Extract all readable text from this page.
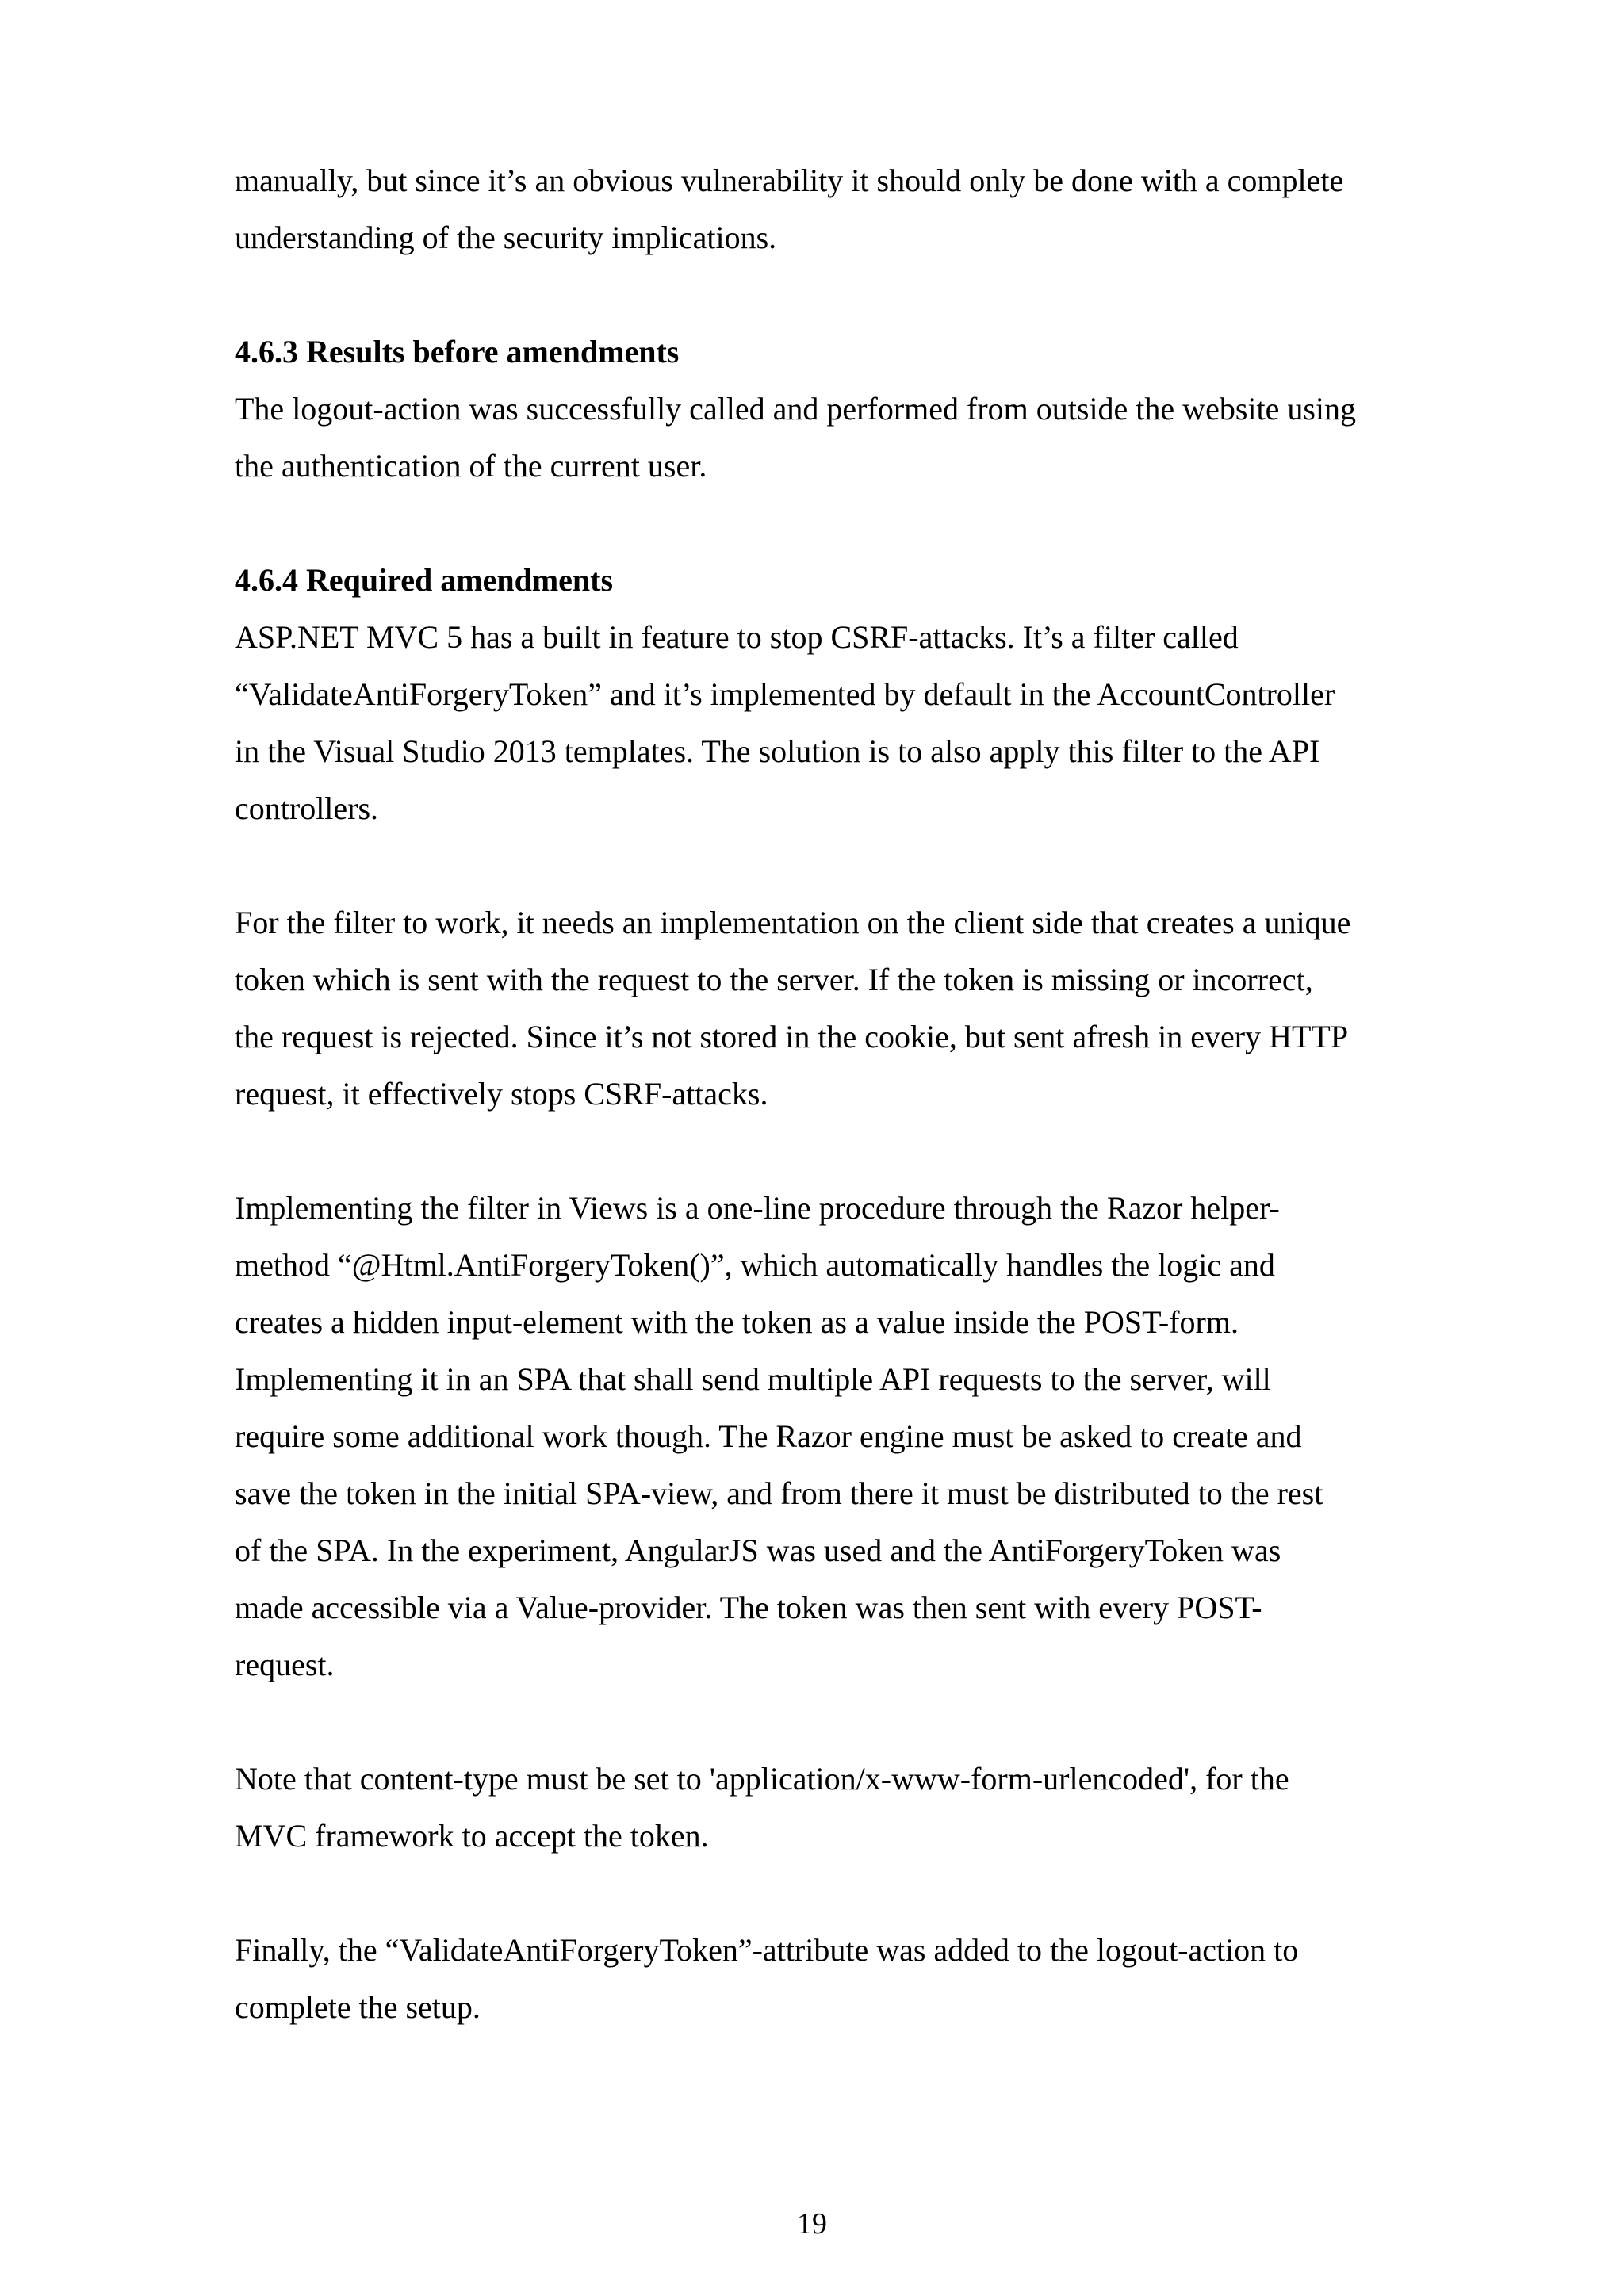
manually, but since it’s an obvious vulnerability it should only be done with a complete

understanding of the security implications.

4.6.3 Results before amendments

The logout-action was successfully called and performed from outside the website using

the authentication of the current user.

4.6.4 Required amendments

ASP.NET MVC 5 has a built in feature to stop CSRF-attacks. It’s a filter called

“ValidateAntiForgeryToken” and it’s implemented by default in the AccountController

in the Visual Studio 2013 templates. The solution is to also apply this filter to the API

controllers.

For the filter to work, it needs an implementation on the client side that creates a unique

token which is sent with the request to the server. If the token is missing or incorrect,

the request is rejected. Since it’s not stored in the cookie, but sent afresh in every HTTP

request, it effectively stops CSRF-attacks.

Implementing the filter in Views is a one-line procedure through the Razor helper-

method “@Html.AntiForgeryToken()”, which automatically handles the logic and

creates a hidden input-element with the token as a value inside the POST-form.

Implementing it in an SPA that shall send multiple API requests to the server, will

require some additional work though. The Razor engine must be asked to create and

save the token in the initial SPA-view, and from there it must be distributed to the rest

of the SPA. In the experiment, AngularJS was used and the AntiForgeryToken was

made accessible via a Value-provider. The token was then sent with every POST-

request.

Note that content-type must be set to 'application/x-www-form-urlencoded', for the

MVC framework to accept the token.

Finally, the “ValidateAntiForgeryToken”-attribute was added to the logout-action to

complete the setup.

19
